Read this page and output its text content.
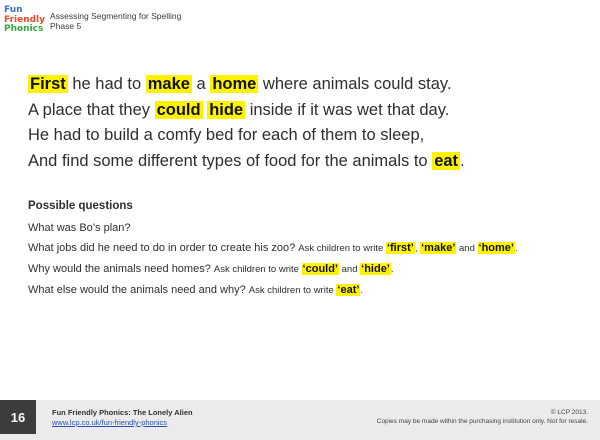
Fun
Friendly
Phonics
Assessing Segmenting for Spelling
Phase 5
First he had to make a home where animals could stay.
A place that they could hide inside if it was wet that day.
He had to build a comfy bed for each of them to sleep,
And find some different types of food for the animals to eat .
Possible questions
What was Bo’s plan?
What jobs did he need to do in order to create his zoo? Ask children to write ‘first’, ‘make’ and ‘home’.
Why would the animals need homes? Ask children to write ‘could’ and ‘hide’.
What else would the animals need and why? Ask children to write ‘eat’.
16	Fun Friendly Phonics: The Lonely Alien
www.lcp.co.uk/fun-friendly-phonics
© LCP 2013.
Copies may be made within the purchasing institution only. Not for resale.
